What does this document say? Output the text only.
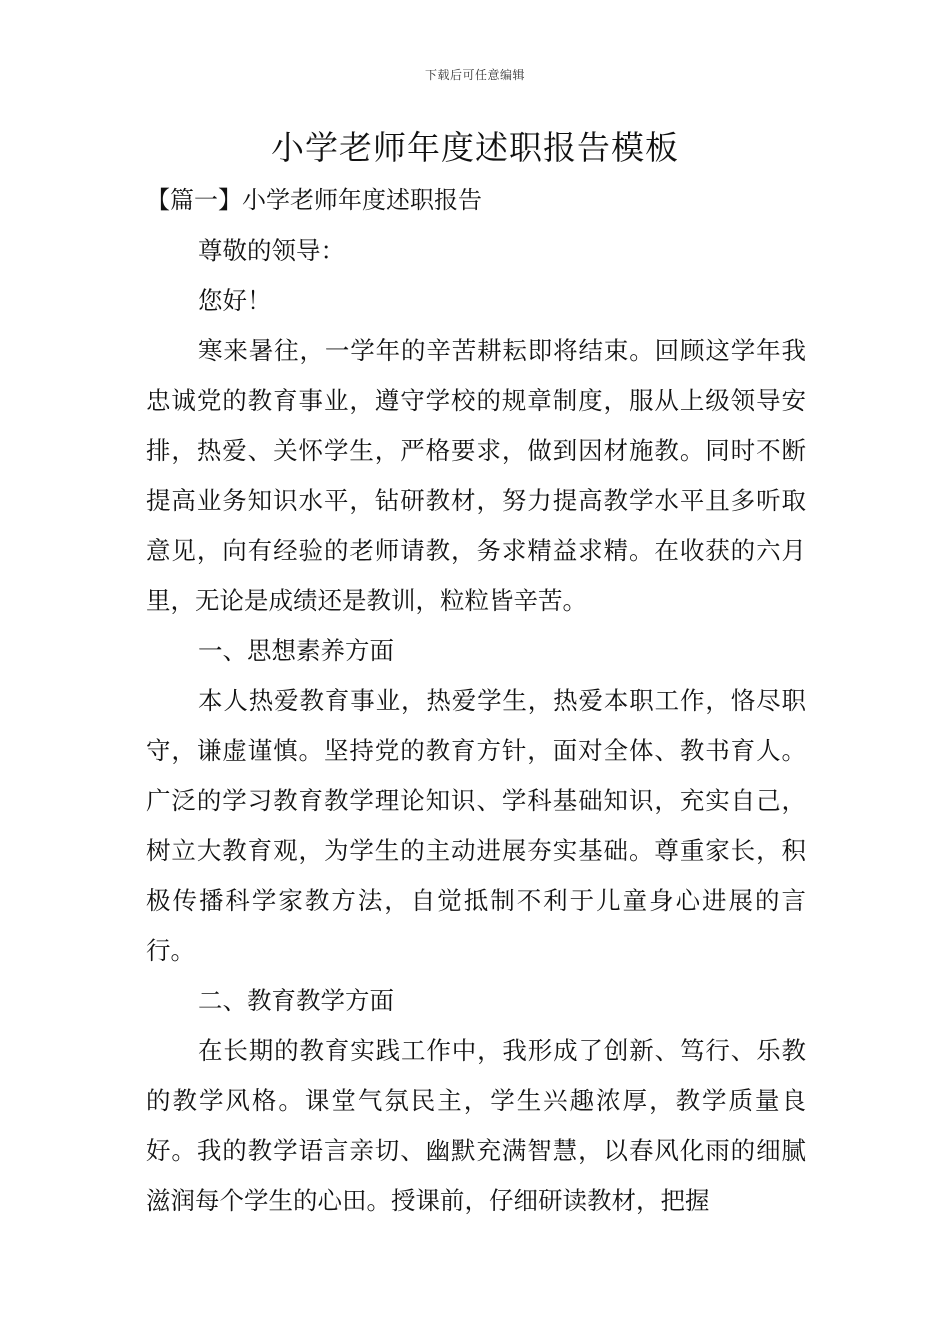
下载后可任意编辑
小学老师年度述职报告模板
【篇一】小学老师年度述职报告

尊敬的领导：

您好！

寒来暑往，一学年的辛苦耕耘即将结束。回顾这学年我忠诚党的教育事业，遵守学校的规章制度，服从上级领导安排，热爱、关怀学生，严格要求，做到因材施教。同时不断提高业务知识水平，钻研教材，努力提高教学水平且多听取意见，向有经验的老师请教，务求精益求精。在收获的六月里，无论是成绩还是教训，粒粒皆辛苦。

一、思想素养方面

本人热爱教育事业，热爱学生，热爱本职工作，恪尽职守，谦虚谨慎。坚持党的教育方针，面对全体、教书育人。广泛的学习教育教学理论知识、学科基础知识，充实自己，树立大教育观，为学生的主动进展夯实基础。尊重家长，积极传播科学家教方法，自觉抵制不利于儿童身心进展的言行。

二、教育教学方面

在长期的教育实践工作中，我形成了创新、笃行、乐教的教学风格。课堂气氛民主，学生兴趣浓厚，教学质量良好。我的教学语言亲切、幽默充满智慧，以春风化雨的细腻滋润每个学生的心田。授课前，仔细研读教材，把握
